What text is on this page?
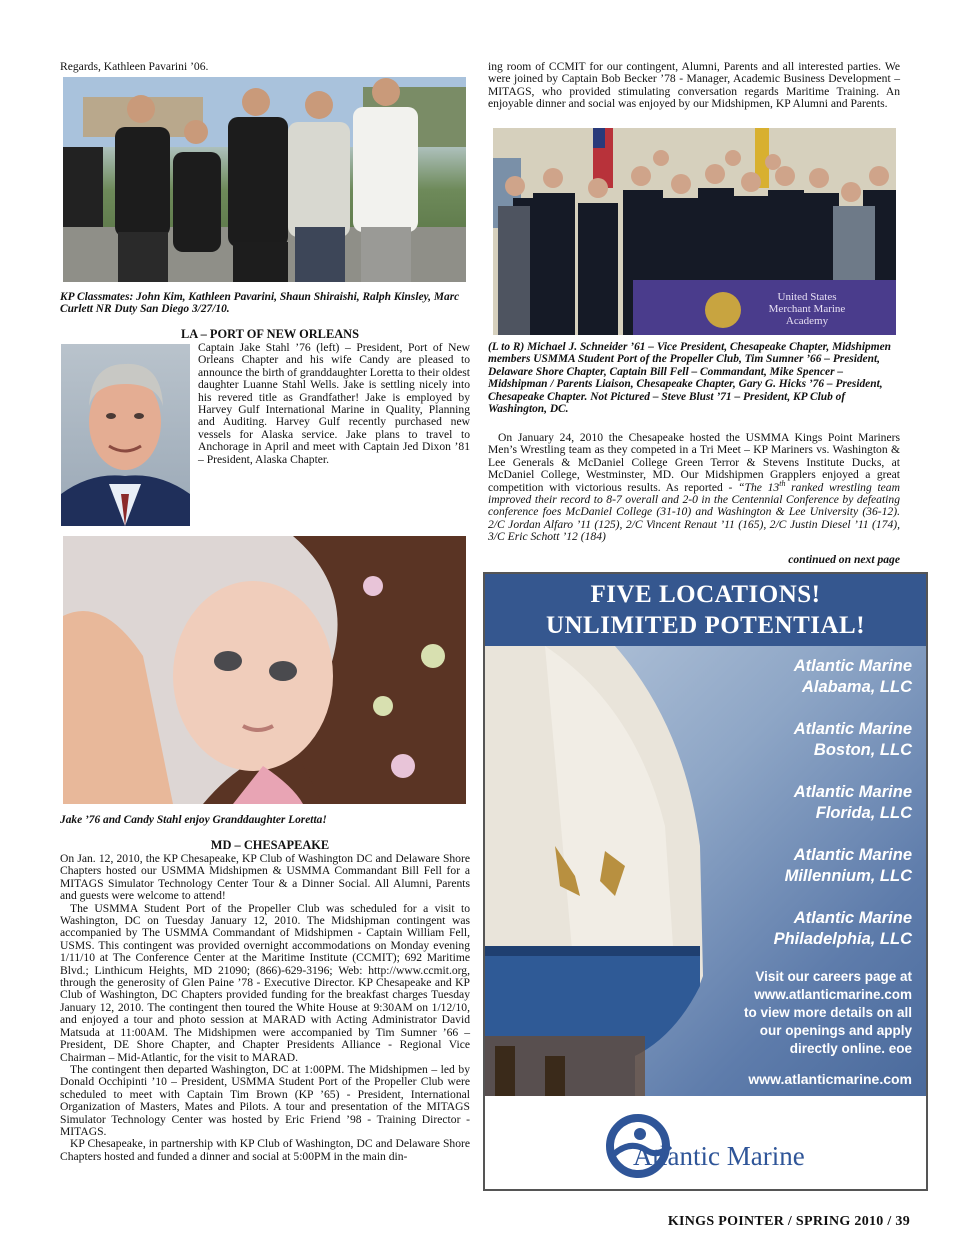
Regards, Kathleen Pavarini ’06.
KP Classmates: John Kim, Kathleen Pavarini, Shaun Shiraishi, Ralph Kinsley, Marc Curlett NR Duty San Diego 3/27/10.
LA – PORT OF NEW ORLEANS
Captain Jake Stahl ’76 (left) – President, Port of New Orleans Chapter and his wife Candy are pleased to announce the birth of granddaughter Loretta to their oldest daughter Luanne Stahl Wells. Jake is settling nicely into his revered title as Grandfather! Jake is employed by Harvey Gulf International Marine in Quality, Planning and Auditing. Harvey Gulf recently purchased new vessels for Alaska service. Jake plans to travel to Anchorage in April and meet with Captain Jed Dixon ’81 – President, Alaska Chapter.
Jake ’76 and Candy Stahl enjoy Granddaughter Loretta!
MD – CHESAPEAKE
On Jan. 12, 2010, the KP Chesapeake, KP Club of Washington DC and Delaware Shore Chapters hosted our USMMA Midshipmen & USMMA Commandant Bill Fell for a MITAGS Simulator Technology Center Tour & a Dinner Social. All Alumni, Parents and guests were welcome to attend!
The USMMA Student Port of the Propeller Club was scheduled for a visit to Washington, DC on Tuesday January 12, 2010. The Midshipman contingent was accompanied by The USMMA Commandant of Midshipmen - Captain William Fell, USMS. This contingent was provided overnight accommodations on Monday evening 1/11/10 at The Conference Center at the Maritime Institute (CCMIT); 692 Maritime Blvd.; Linthicum Heights, MD 21090; (866)-629-3196; Web: http://www.ccmit.org, through the generosity of Glen Paine ’78 - Executive Director. KP Chesapeake and KP Club of Washington, DC Chapters provided funding for the breakfast charges Tuesday January 12, 2010. The contingent then toured the White House at 9:30AM on 1/12/10, and enjoyed a tour and photo session at MARAD with Acting Administrator David Matsuda at 11:00AM. The Midshipmen were accompanied by Tim Sumner ’66 – President, DE Shore Chapter, and Chapter Presidents Alliance - Regional Vice Chairman – Mid-Atlantic, for the visit to MARAD.
The contingent then departed Washington, DC at 1:00PM. The Midshipmen – led by Donald Occhipinti ’10 – President, USMMA Student Port of the Propeller Club were scheduled to meet with Captain Tim Brown (KP ’65) - President, International Organization of Masters, Mates and Pilots. A tour and presentation of the MITAGS Simulator Technology Center was hosted by Eric Friend ’98 - Training Director - MITAGS.
KP Chesapeake, in partnership with KP Club of Washington, DC and Delaware Shore Chapters hosted and funded a dinner and social at 5:00PM in the main din-
ing room of CCMIT for our contingent, Alumni, Parents and all interested parties. We were joined by Captain Bob Becker ’78 - Manager, Academic Business Development – MITAGS, who provided stimulating conversation regards Maritime Training. An enjoyable dinner and social was enjoyed by our Midshipmen, KP Alumni and Parents.
United States Merchant Marine Academy
(L to R) Michael J. Schneider ’61 – Vice President, Chesapeake Chapter, Midshipmen members USMMA Student Port of the Propeller Club, Tim Sumner ’66 – President, Delaware Shore Chapter, Captain Bill Fell – Commandant, Mike Spencer – Midshipman / Parents Liaison, Chesapeake Chapter, Gary G. Hicks ’76 – President, Chesapeake Chapter. Not Pictured – Steve Blust ’71 – President, KP Club of Washington, DC.
On January 24, 2010 the Chesapeake hosted the USMMA Kings Point Mariners Men’s Wrestling team as they competed in a Tri Meet – KP Mariners vs. Washington & Lee Generals & McDaniel College Green Terror & Stevens Institute Ducks, at McDaniel College, Westminster, MD. Our Midshipmen Grapplers enjoyed a great competition with victorious results. As reported - “The 13th ranked wrestling team improved their record to 8-7 overall and 2-0 in the Centennial Conference by defeating conference foes McDaniel College (31-10) and Washington & Lee University (36-12). 2/C Jordan Alfaro ’11 (125), 2/C Vincent Renaut ’11 (165), 2/C Justin Diesel ’11 (174), 3/C Eric Schott ’12 (184)
continued on next page
FIVE LOCATIONS!
UNLIMITED POTENTIAL!
Atlantic Marine
Alabama, LLC
Atlantic Marine
Boston, LLC
Atlantic Marine
Florida, LLC
Atlantic Marine
Millennium, LLC
Atlantic Marine
Philadelphia, LLC
Visit our careers page at
www.atlanticmarine.com
to view more details on all
our openings and apply
directly online. eoe
www.atlanticmarine.com
Atlantic Marine
KINGS POINTER / SPRING 2010 / 39
